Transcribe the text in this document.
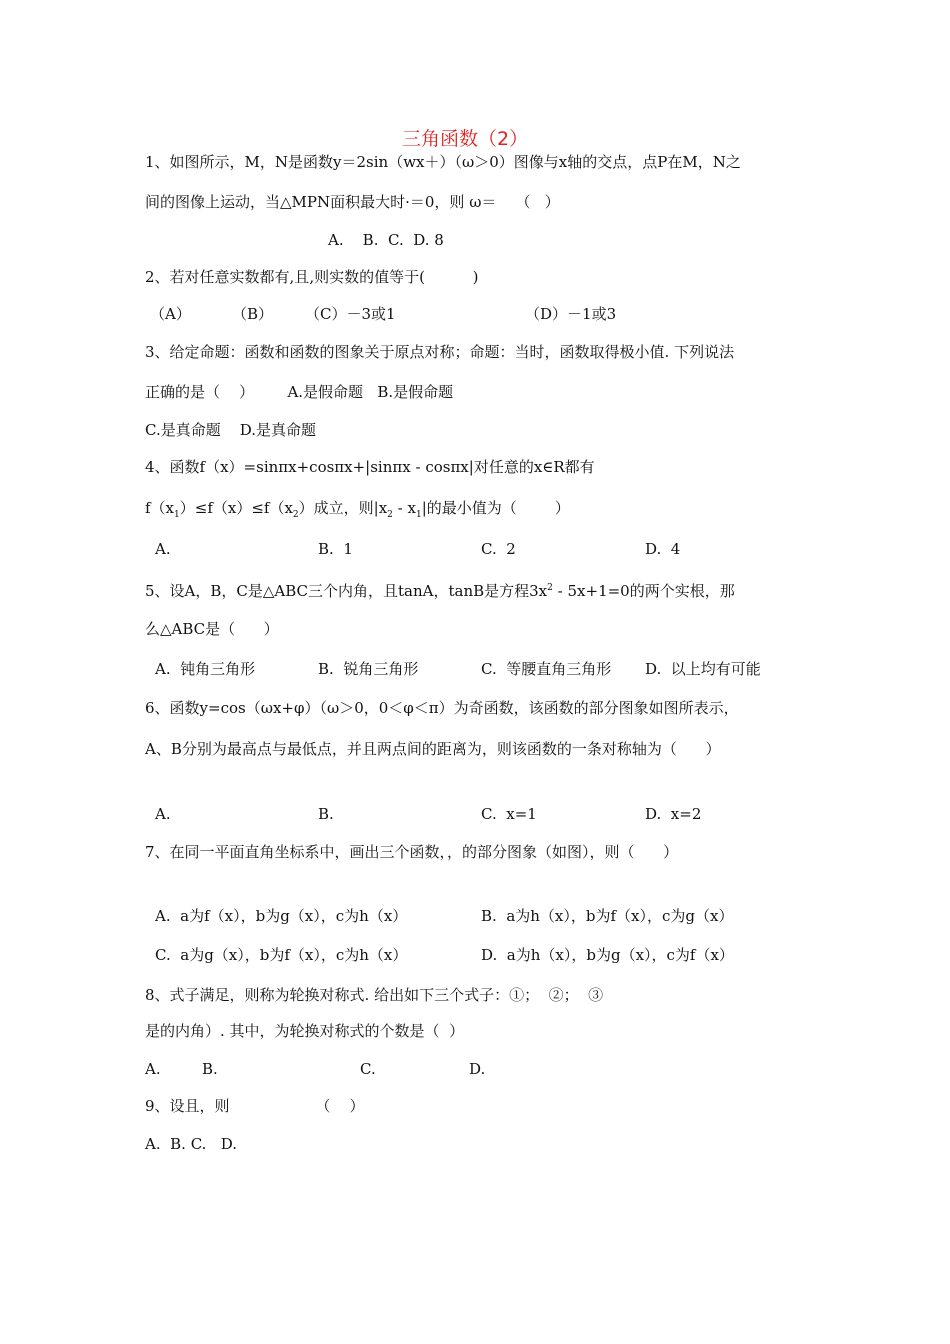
三角函数（2）
1、如图所示，M，N是函数y＝2sin（wx＋）（ω＞0）图像与x轴的交点，点P在M，N之
间的图像上运动，当△MPN面积最大时·＝0，则 ω＝    （   ）
A.    B.  C.  D. 8
2、若对任意实数都有,且,则实数的值等于(          )
（A）	（B） （C）－3或1	（D）－1或3
3、给定命题：函数和函数的图象关于原点对称；命题：当时，函数取得极小值. 下列说法
正确的是（    ）       A.是假命题   B.是假命题
C.是真命题    D.是真命题
4、函数f（x）=sinπx+cosπx+|sinπx - cosπx|对任意的x∈R都有
$f(x_1)\le f(x)\le f(x_2)$成立，则$|x_2 - x_1|$的最小值为（        ）
A.	B.  1	C.  2	D.  4
5、设A，B，C是△ABC三个内角，且tanA，tanB是方程$3x^2 - 5x+1=0$的两个实根，那
么△ABC是（      ）
A.  钝角三角形	B.  锐角三角形	C.  等腰直角三角形 D.  以上均有可能
6、函数y=cos（ωx+φ）（ω＞0，0＜φ＜π）为奇函数，该函数的部分图象如图所表示，
A、B分别为最高点与最低点，并且两点间的距离为，则该函数的一条对称轴为（      ）
A.	B.	C.  x=1	D.  x=2
7、在同一平面直角坐标系中，画出三个函数，，的部分图象（如图），则（      ）
A.  a为f（x），b为g（x），c为h（x）	B.  a为h（x），b为f（x），c为g（x）
C.  a为g（x），b为f（x），c为h（x）	D.  a为h（x），b为g（x），c为f（x）
8、式子满足，则称为轮换对称式. 给出如下三个式子：①；  ②；  ③
是的内角）. 其中，为轮换对称式的个数是（  ）
A.	B.	C.	D.
9、设且，则                  （    ）
A.  B. C.   D.
